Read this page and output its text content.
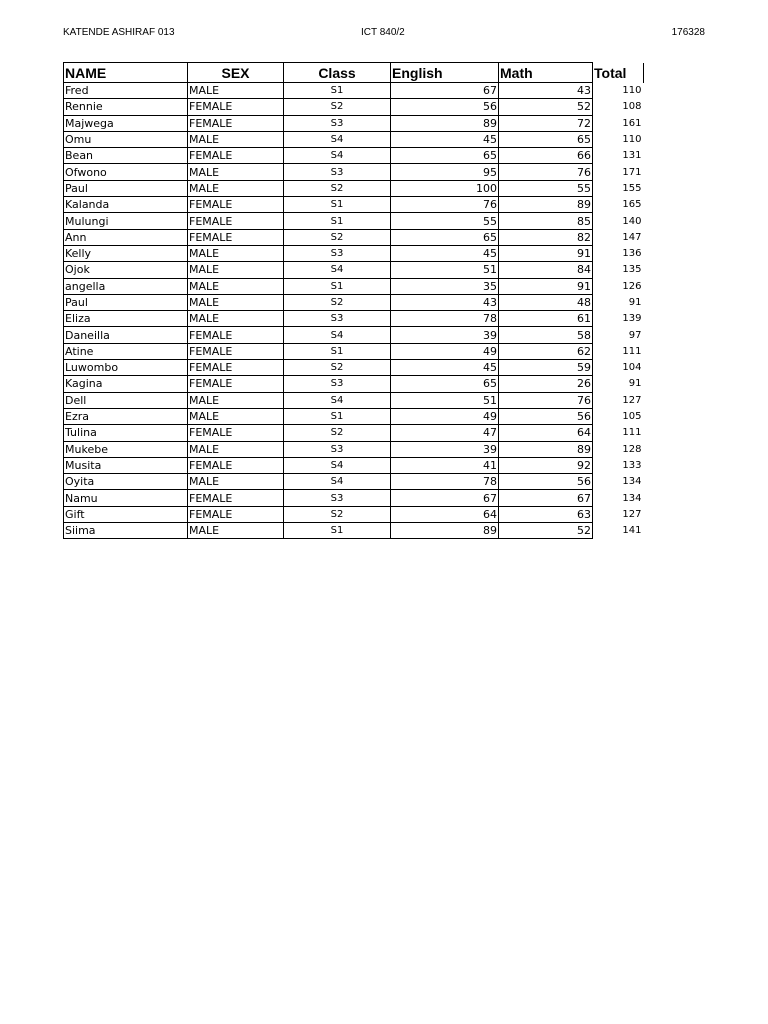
KATENDE ASHIRAF 013	ICT 840/2	176328
NAME	SEX	Class	English	Math	Total
Fred	MALE	S1	67	43	110
Rennie	FEMALE	S2	56	52	108
Majwega	FEMALE	S3	89	72	161
Omu	MALE	S4	45	65	110
Bean	FEMALE	S4	65	66	131
Ofwono	MALE	S3	95	76	171
Paul	MALE	S2	100	55	155
Kalanda	FEMALE	S1	76	89	165
Mulungi	FEMALE	S1	55	85	140
Ann	FEMALE	S2	65	82	147
Kelly	MALE	S3	45	91	136
Ojok	MALE	S4	51	84	135
angella	MALE	S1	35	91	126
Paul	MALE	S2	43	48	91
Eliza	MALE	S3	78	61	139
Daneilla	FEMALE	S4	39	58	97
Atine	FEMALE	S1	49	62	111
Luwombo	FEMALE	S2	45	59	104
Kagina	FEMALE	S3	65	26	91
Dell	MALE	S4	51	76	127
Ezra	MALE	S1	49	56	105
Tulina	FEMALE	S2	47	64	111
Mukebe	MALE	S3	39	89	128
Musita	FEMALE	S4	41	92	133
Oyita	MALE	S4	78	56	134
Namu	FEMALE	S3	67	67	134
Gift	FEMALE	S2	64	63	127
Siima	MALE	S1	89	52	141
